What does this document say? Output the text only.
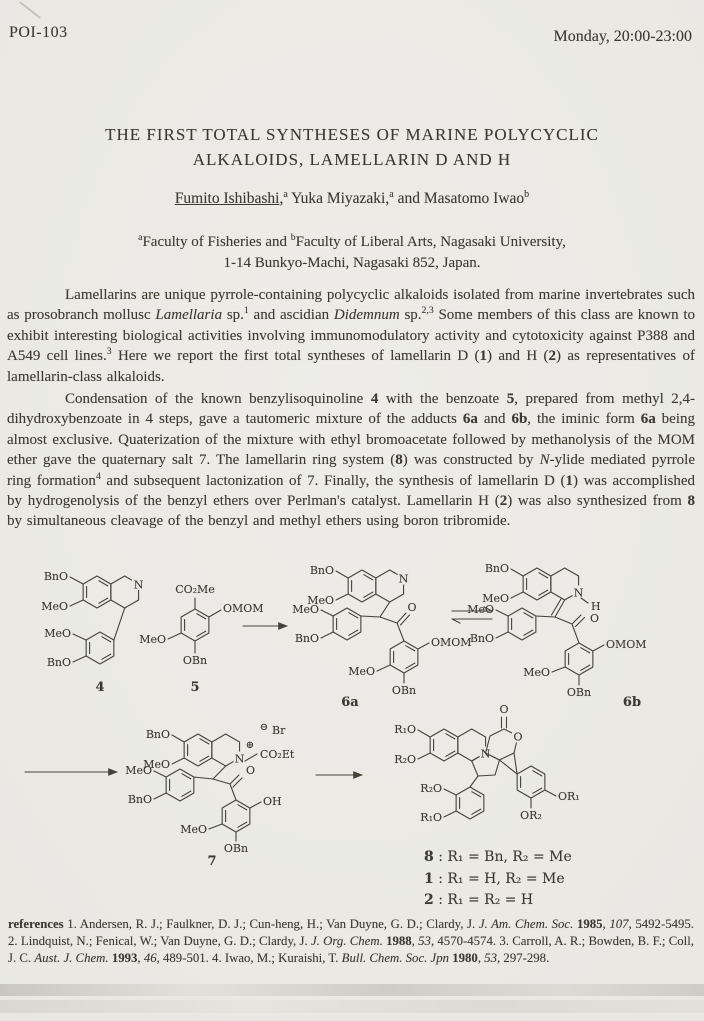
POI-103	Monday, 20:00-23:00
THE FIRST TOTAL SYNTHESES OF MARINE POLYCYCLIC
ALKALOIDS, LAMELLARIN D AND H
Fumito Ishibashi,$^a$ Yuka Miyazaki,$^a$ and Masatomo Iwao$^b$
$^a$Faculty of Fisheries and $^b$Faculty of Liberal Arts, Nagasaki University,
1-14 Bunkyo-Machi, Nagasaki 852, Japan.

Lamellarins are unique pyrrole-containing polycyclic alkaloids isolated from marine invertebrates such as prosobranch mollusc Lamellaria sp.$^1$ and ascidian Didemnum sp.$^{2,3}$ Some members of this class are known to exhibit interesting biological activities involving immunomodulatory activity and cytotoxicity against P388 and A549 cell lines.$^3$ Here we report the first total syntheses of lamellarin D (1) and H (2) as representatives of lamellarin-class alkaloids.

Condensation of the known benzylisoquinoline 4 with the benzoate 5, prepared from methyl 2,4-dihydroxybenzoate in 4 steps, gave a tautomeric mixture of the adducts 6a and 6b, the iminic form 6a being almost exclusive. Quaterization of the mixture with ethyl bromoacetate followed by methanolysis of the MOM ether gave the quaternary salt 7. The lamellarin ring system (8) was constructed by N-ylide mediated pyrrole ring formation$^4$ and subsequent lactonization of 7. Finally, the synthesis of lamellarin D (1) was accomplished by hydrogenolysis of the benzyl ethers over Perlman's catalyst. Lamellarin H (2) was also synthesized from 8 by simultaneous cleavage of the benzyl and methyl ethers using boron tribromide.

N
BnO
MeO
MeO
BnO
4
CO₂Me
OMOM
MeO
OBn
5
N
BnO
MeO
MeO
BnO
O
OMOM
MeO
OBn
6a
N
H
BnO
MeO
MeO
BnO
O
OMOM
MeO
OBn
6b
⊖ Br
N
⊕
CO₂Et
BnO
MeO
MeO
BnO
O
OH
MeO
OBn
7
N
O
O
R₁O
R₂O
R₂O
R₁O
OR₁
OR₂
8 : R₁ = Bn, R₂ = Me
1 : R₁ = H, R₂ = Me
2 : R₁ = R₂ = H
references 1. Andersen, R. J.; Faulkner, D. J.; Cun-heng, H.; Van Duyne, G. D.; Clardy, J. J. Am. Chem. Soc. 1985, 107, 5492-5495. 2. Lindquist, N.; Fenical, W.; Van Duyne, G. D.; Clardy, J. J. Org. Chem. 1988, 53, 4570-4574. 3. Carroll, A. R.; Bowden, B. F.; Coll, J. C. Aust. J. Chem. 1993, 46, 489-501. 4. Iwao, M.; Kuraishi, T. Bull. Chem. Soc. Jpn 1980, 53, 297-298.
